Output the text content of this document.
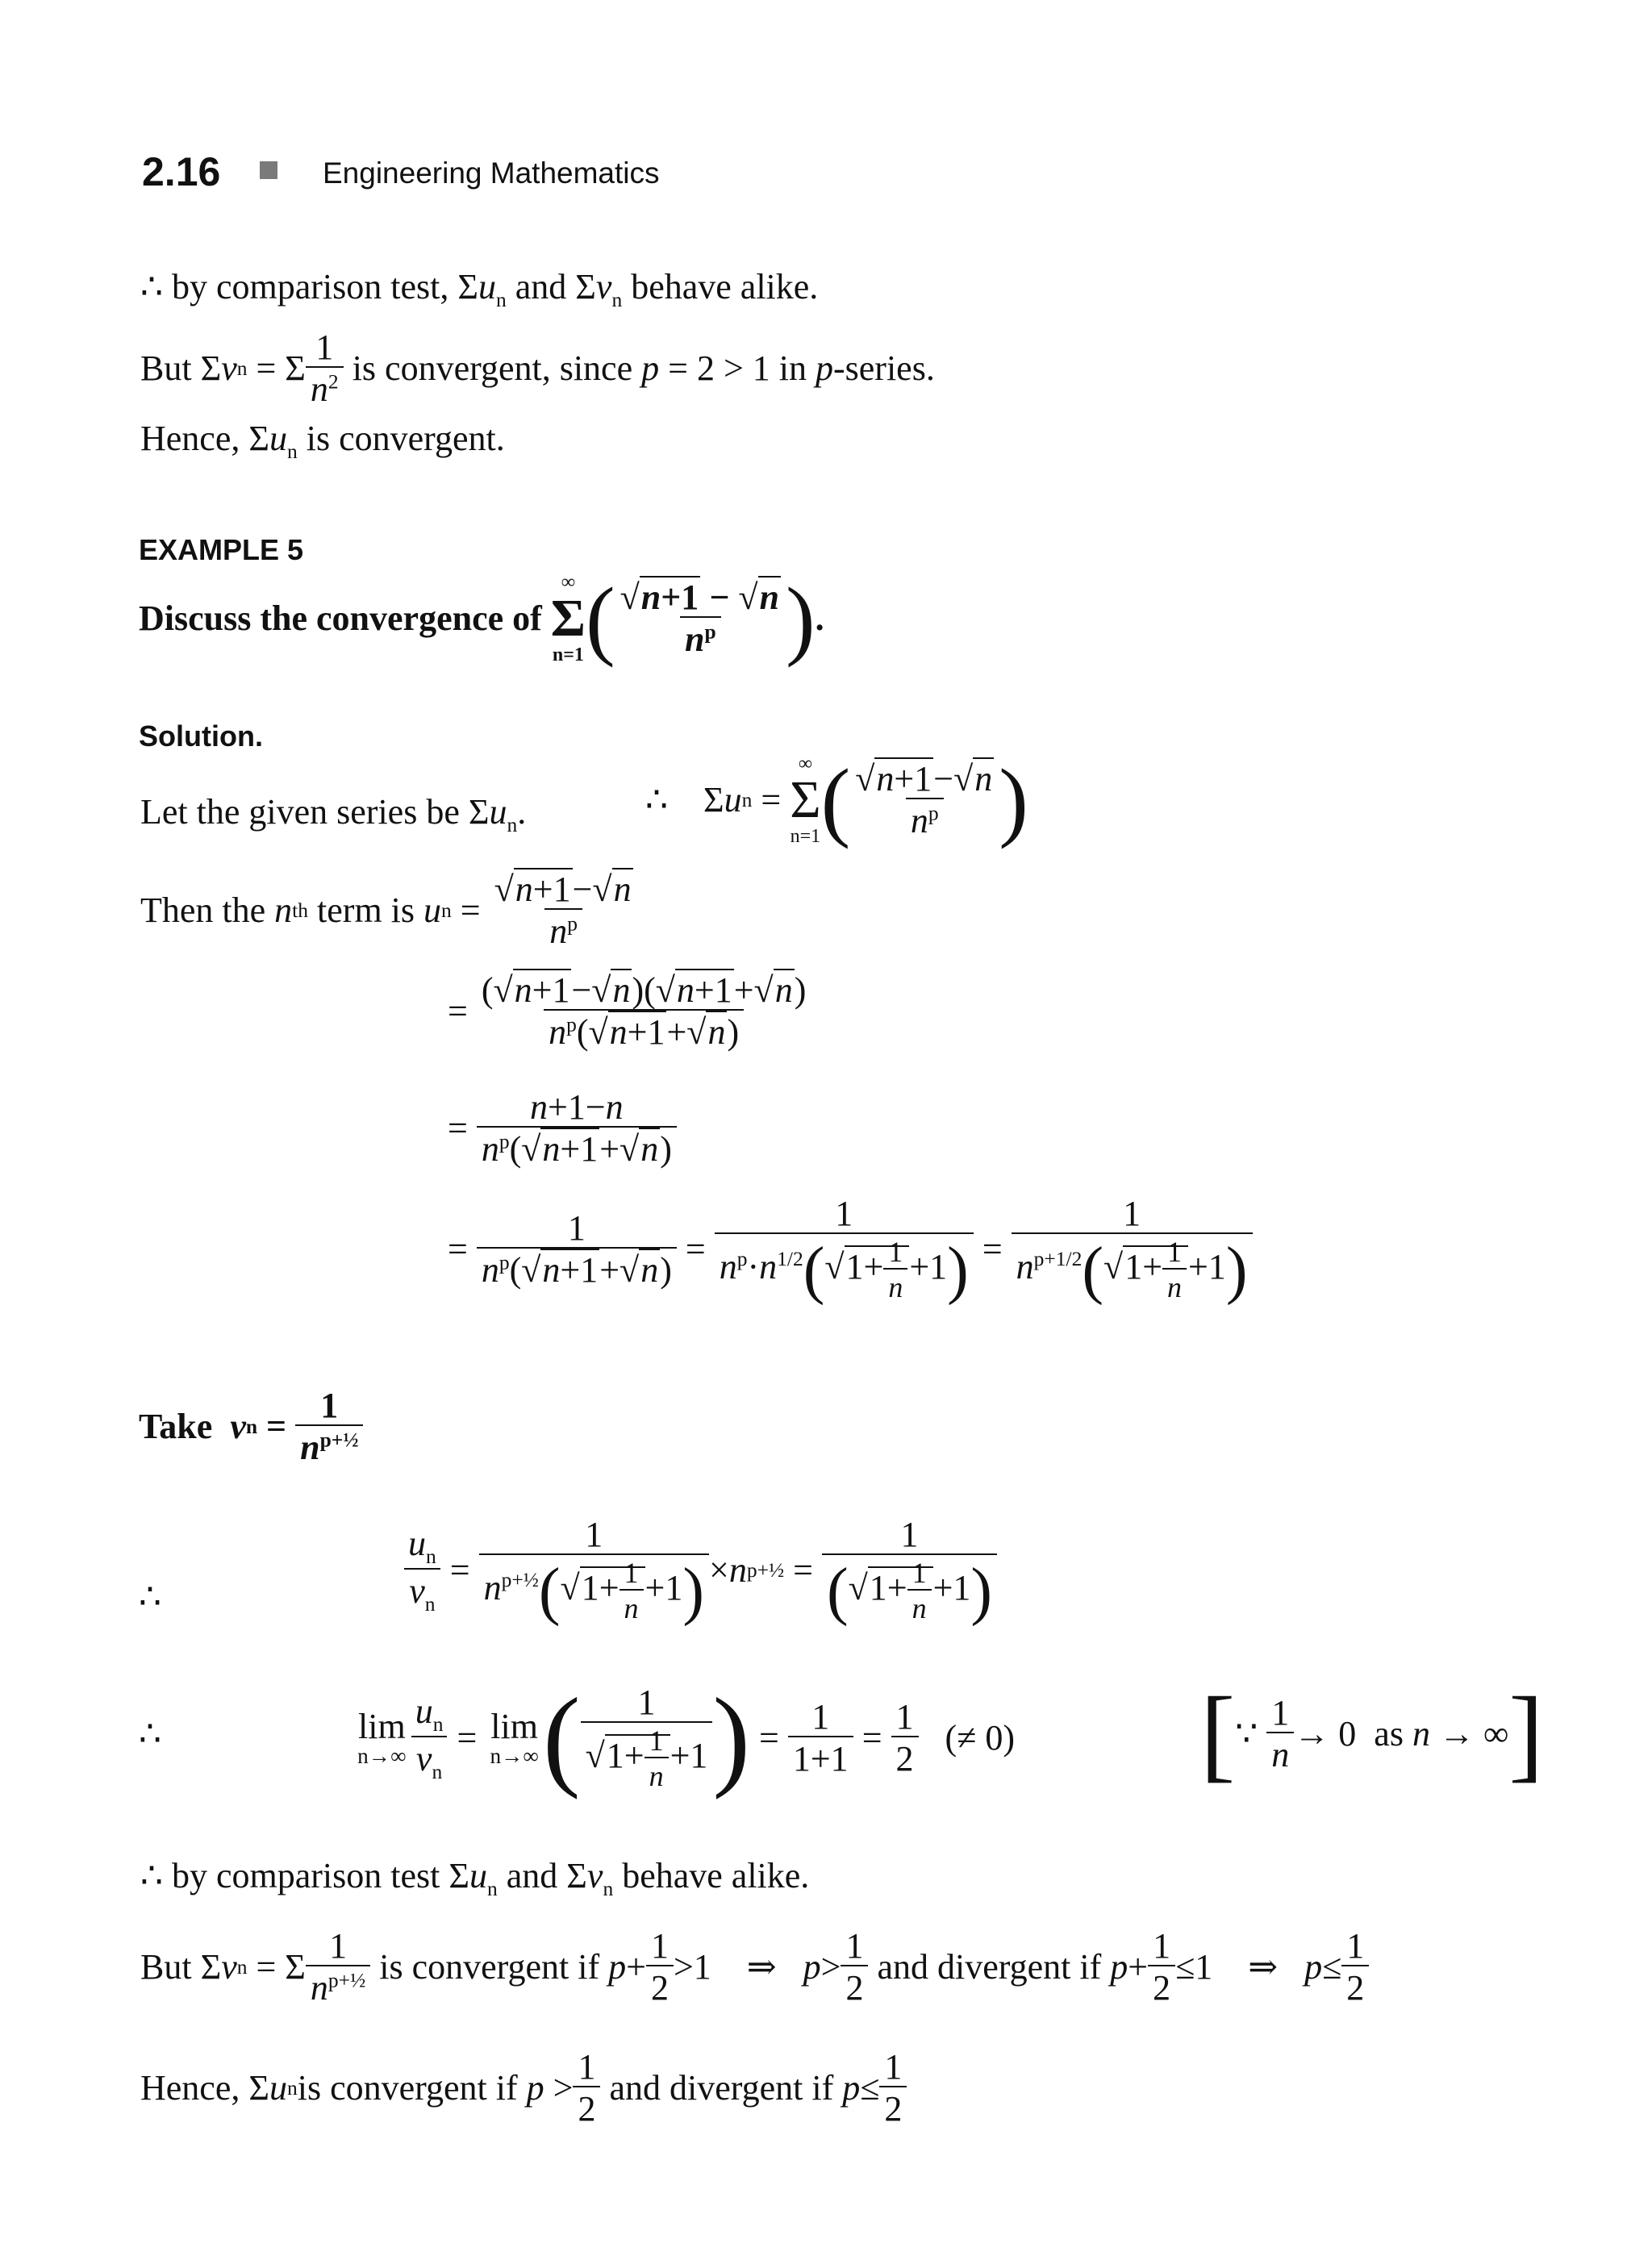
2.16	Engineering Mathematics
∴ by comparison test, $\Sigma u_n$ and $\Sigma v_n$ behave alike.
But Σ v n = Σ $\frac{1}{n^2}$ is convergent, since p = 2 > 1 in p -series.
Hence, $\Sigma u_n$ is convergent.
EXAMPLE 5
Discuss the convergence of

∞
Σ
n=1 ( $\frac{√n+1 - √n}{n^p}$ ) .
Solution.
Let the given series be $\Sigma u_n$.	∴    Σ u n =
∞
Σ
n=1 ( $\frac{√n+1-√n}{n^p}$ )
Then the n th term is u $n = \frac{√n+1-√n}{n^p}$
= $\frac{(√n+1-√n)(√n+1+√n)}{n^p(√n+1+√n)}$
= $\frac{n+1-n}{n^p(√n+1+√n)}$
= $\frac{1}{n^p(√n+1+√n)} = \frac{1}{n^p\cdot n^{1/2}(√1+ \frac{1}{n} +1)} = \frac{1}{n^{p+1/2}(√1+ \frac{1}{n} +1)}$
Take
v $n = \frac{1}{n^{p+\frac{1}{2}}}$
∴	$\frac{u_n}{v_n} = \frac{1}{n^{p+\frac{1}{2}}(√1+ \frac{1}{n} +1)} \times n$ p+½ = $\frac{1}{(√1+ \frac{1}{n} +1)}$
∴	lim
$n\to\infty \frac{u_n}{v_n} = \lim$
n→∞ ( $\frac{1}{√1+ \frac{1}{n} +1}$ ) = $\frac{1}{1+1} = \frac{1}{2}$
(≠ 0) [ ∵ $\frac{1}{n} \to 0$  as n → ∞ ]
∴ by comparison test $\Sigma u_n$ and $\Sigma v_n$ behave alike.
But Σ v n = Σ $\frac{1}{n^{p+\frac{1}{2}}}$
is convergent if
$p + \frac{1}{2} >1$    ⇒ $p > \frac{1}{2}$
and divergent if
$p + \frac{1}{2} \le 1$    ⇒ $p \le \frac{1}{2}$
Hence, Σ u n is convergent if $p > \frac{1}{2}$
and divergent if
$p \le \frac{1}{2}$
